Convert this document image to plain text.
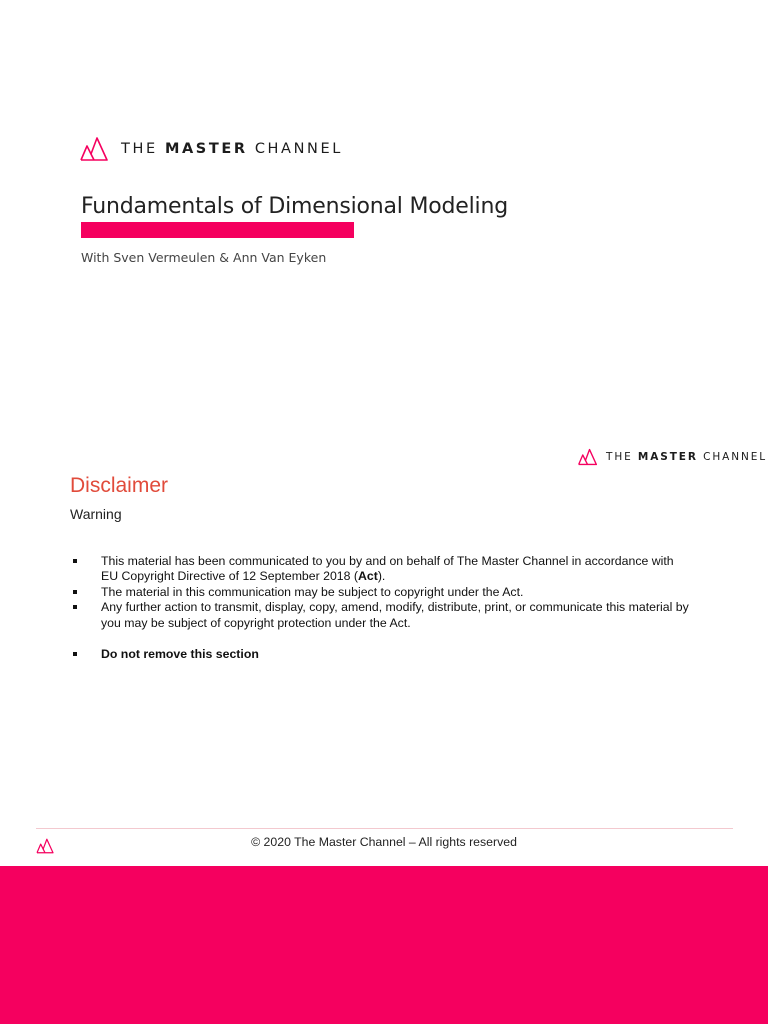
THE MASTER CHANNEL
Fundamentals of Dimensional Modeling
With Sven Vermeulen & Ann Van Eyken
THE MASTER CHANNEL
Disclaimer
Warning
This material has been communicated to you by and on behalf of The Master Channel in accordance with EU Copyright Directive of 12 September 2018 (Act).
The material in this communication may be subject to copyright under the Act.
Any further action to transmit, display, copy, amend, modify, distribute, print, or communicate this material by you may be subject of copyright protection under the Act.
Do not remove this section
© 2020 The Master Channel – All rights reserved
